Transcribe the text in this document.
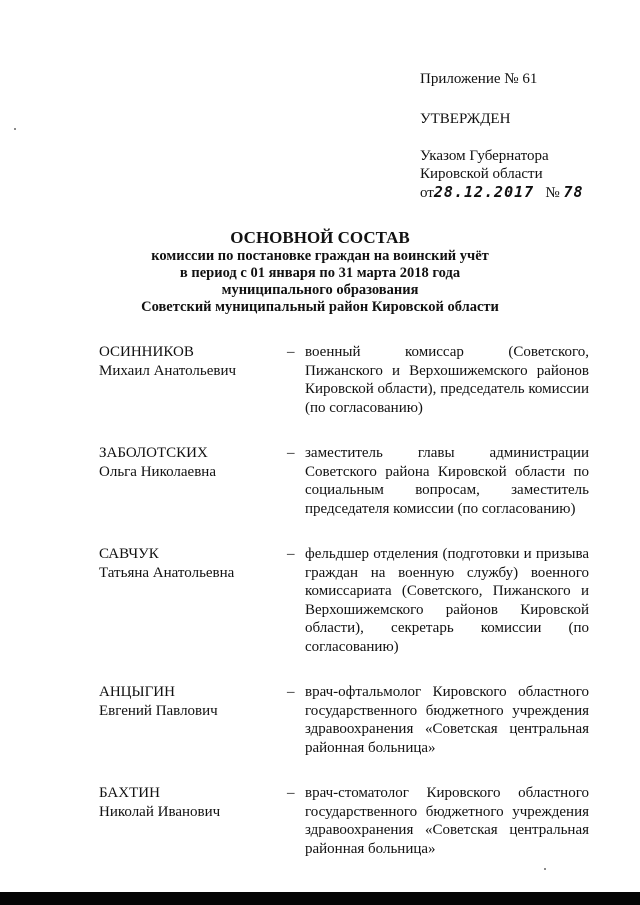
Приложение № 61
УТВЕРЖДЕН
Указом Губернатора
Кировской области
от28.12.2017 № 78
ОСНОВНОЙ СОСТАВ
комиссии по постановке граждан на воинский учёт
в период с 01 января по 31 марта 2018 года
муниципального образования
Советский муниципальный район Кировской области
ОСИННИКОВ
Михаил Анатольевич
– военный комиссар (Советского, Пижанского и Верхошижемского районов Кировской области), председатель комиссии (по согласованию)
ЗАБОЛОТСКИХ
Ольга Николаевна
– заместитель главы администрации Советского района Кировской области по социальным вопросам, заместитель председателя комиссии (по согласованию)
САВЧУК
Татьяна Анатольевна
– фельдшер отделения (подготовки и призыва граждан на военную службу) военного комиссариата (Советского, Пижанского и Верхошижемского районов Кировской области), секретарь комиссии (по согласованию)
АНЦЫГИН
Евгений Павлович
– врач-офтальмолог Кировского областного государственного бюджетного учреждения здравоохранения «Советская центральная районная больница»
БАХТИН
Николай Иванович
– врач-стоматолог Кировского областного государственного бюджетного учреждения здравоохранения «Советская центральная районная больница»
